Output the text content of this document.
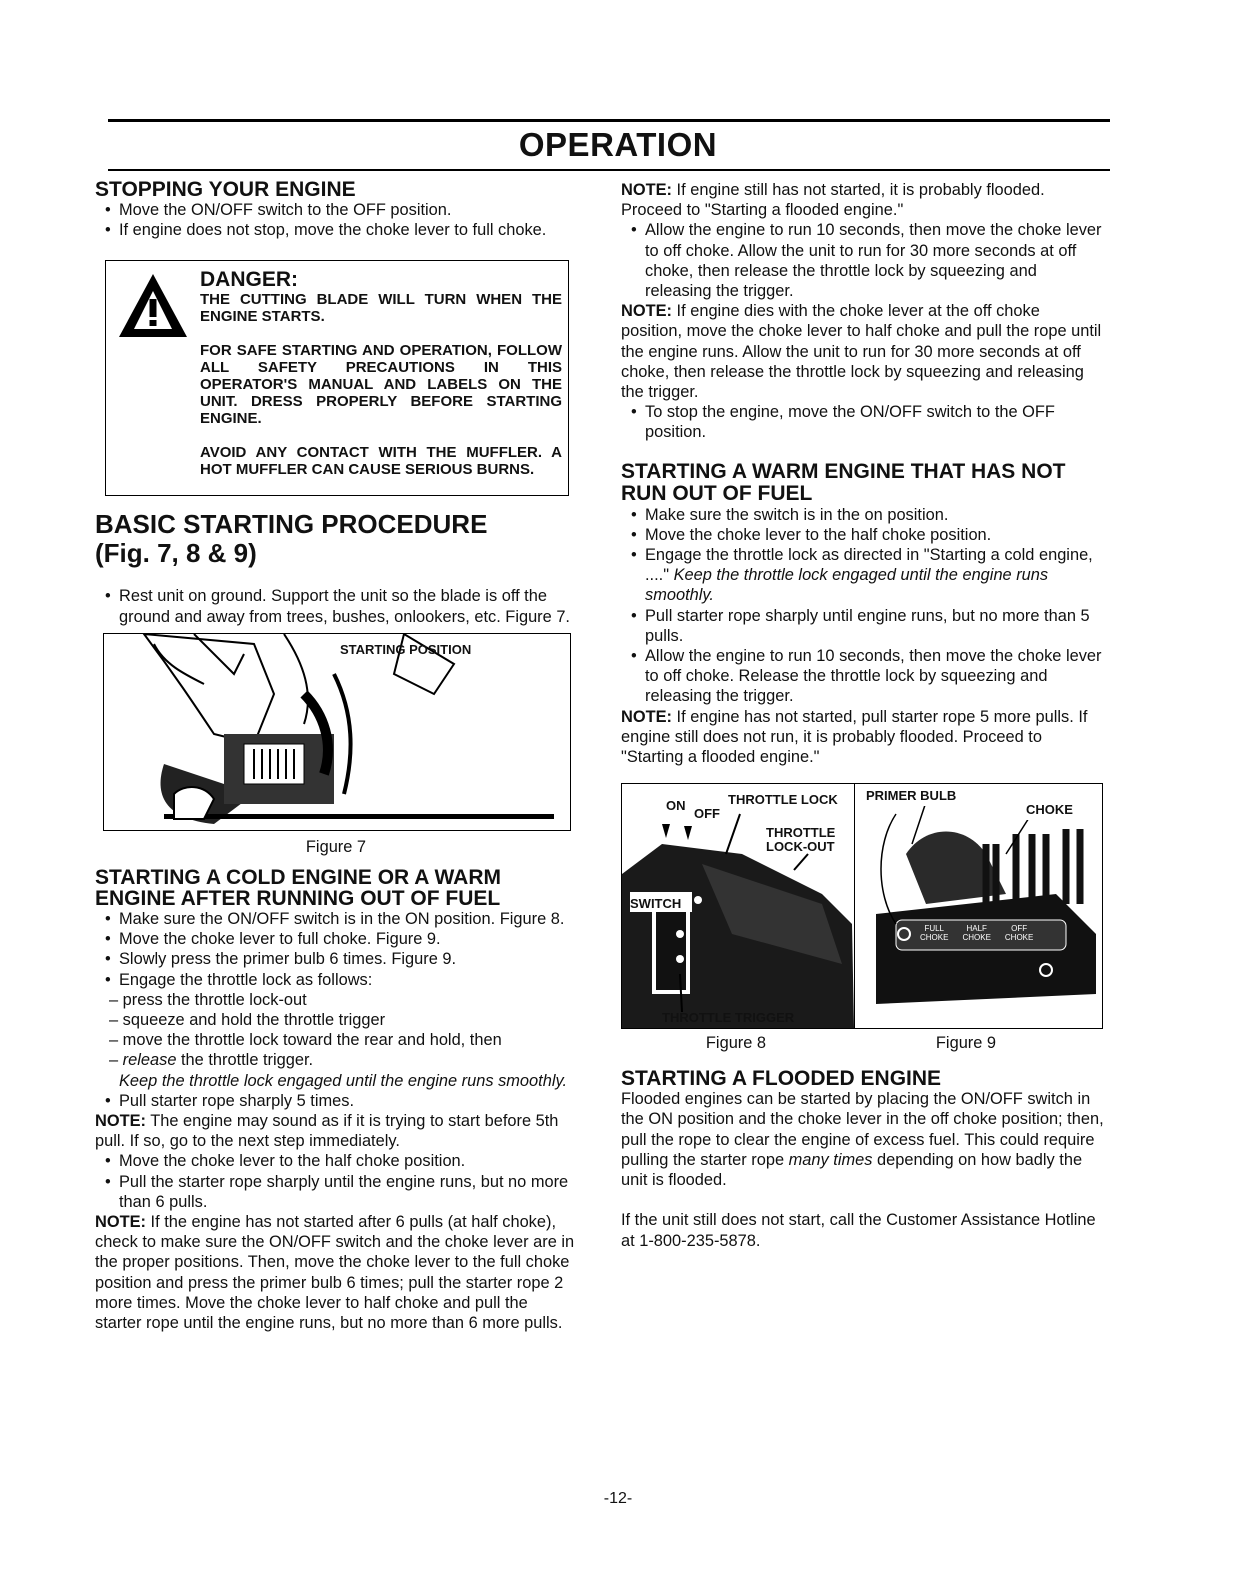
OPERATION
STOPPING YOUR ENGINE
• Move the ON/OFF switch to the OFF position.
• If engine does not stop, move the choke lever to full choke.
DANGER:
THE CUTTING BLADE WILL TURN WHEN THE ENGINE STARTS.
FOR SAFE STARTING AND OPERATION, FOLLOW ALL SAFETY PRECAUTIONS IN THIS OPERATOR'S MANUAL AND LABELS ON THE UNIT. DRESS PROPERLY BEFORE STARTING ENGINE.
AVOID ANY CONTACT WITH THE MUFFLER. A HOT MUFFLER CAN CAUSE SERIOUS BURNS.
BASIC STARTING PROCEDURE
(Fig. 7, 8 & 9)
• Rest unit on ground. Support the unit so the blade is off the ground and away from trees, bushes, onlookers, etc. Figure 7.
STARTING POSITION
Figure 7
STARTING A COLD ENGINE OR A WARM ENGINE AFTER RUNNING OUT OF FUEL
• Make sure the ON/OFF switch is in the ON position. Figure 8.
• Move the choke lever to full choke. Figure 9.
• Slowly press the primer bulb 6 times. Figure 9.
• Engage the throttle lock as follows:
– press the throttle lock-out
– squeeze and hold the throttle trigger
– move the throttle lock toward the rear and hold, then
– release the throttle trigger.
Keep the throttle lock engaged until the engine runs smoothly.
• Pull starter rope sharply 5 times.

NOTE: The engine may sound as if it is trying to start before 5th pull. If so, go to the next step immediately.

• Move the choke lever to the half choke position.
• Pull the starter rope sharply until the engine runs, but no more than 6 pulls.

NOTE: If the engine has not started after 6 pulls (at half choke), check to make sure the ON/OFF switch and the choke lever are in the proper positions. Then, move the choke lever to the full choke position and press the primer bulb 6 times; pull the starter rope 2 more times. Move the choke lever to half choke and pull the starter rope until the engine runs, but no more than 6 more pulls.

NOTE: If engine still has not started, it is probably flooded. Proceed to "Starting a flooded engine."

• Allow the engine to run 10 seconds, then move the choke lever to off choke. Allow the unit to run for 30 more seconds at off choke, then release the throttle lock by squeezing and releasing the trigger.

NOTE: If engine dies with the choke lever at the off choke position, move the choke lever to half choke and pull the rope until the engine runs. Allow the unit to run for 30 more seconds at off choke, then release the throttle lock by squeezing and releasing the trigger.

• To stop the engine, move the ON/OFF switch to the OFF position.
STARTING A WARM ENGINE THAT HAS NOT RUN OUT OF FUEL
• Make sure the switch is in the on position.
• Move the choke lever to the half choke position.
• Engage the throttle lock as directed in "Starting a cold engine, ...." Keep the throttle lock engaged until the engine runs smoothly.
• Pull starter rope sharply until engine runs, but no more than 5 pulls.
• Allow the engine to run 10 seconds, then move the choke lever to off choke. Release the throttle lock by squeezing and releasing the trigger.

NOTE: If engine has not started, pull starter rope 5 more pulls. If engine still does not run, it is probably flooded. Proceed to "Starting a flooded engine."

ON
OFF
THROTTLE LOCK
THROTTLE
LOCK-OUT
SWITCH
THROTTLE TRIGGER
PRIMER BULB
CHOKE
FULL
CHOKE
HALF
CHOKE
OFF
CHOKE
Figure 8	Figure 9
STARTING A FLOODED ENGINE

Flooded engines can be started by placing the ON/OFF switch in the ON position and the choke lever in the off choke position; then, pull the rope to clear the engine of excess fuel. This could require pulling the starter rope many times depending on how badly the unit is flooded.

If the unit still does not start, call the Customer Assistance Hotline at 1-800-235-5878.

-12-
